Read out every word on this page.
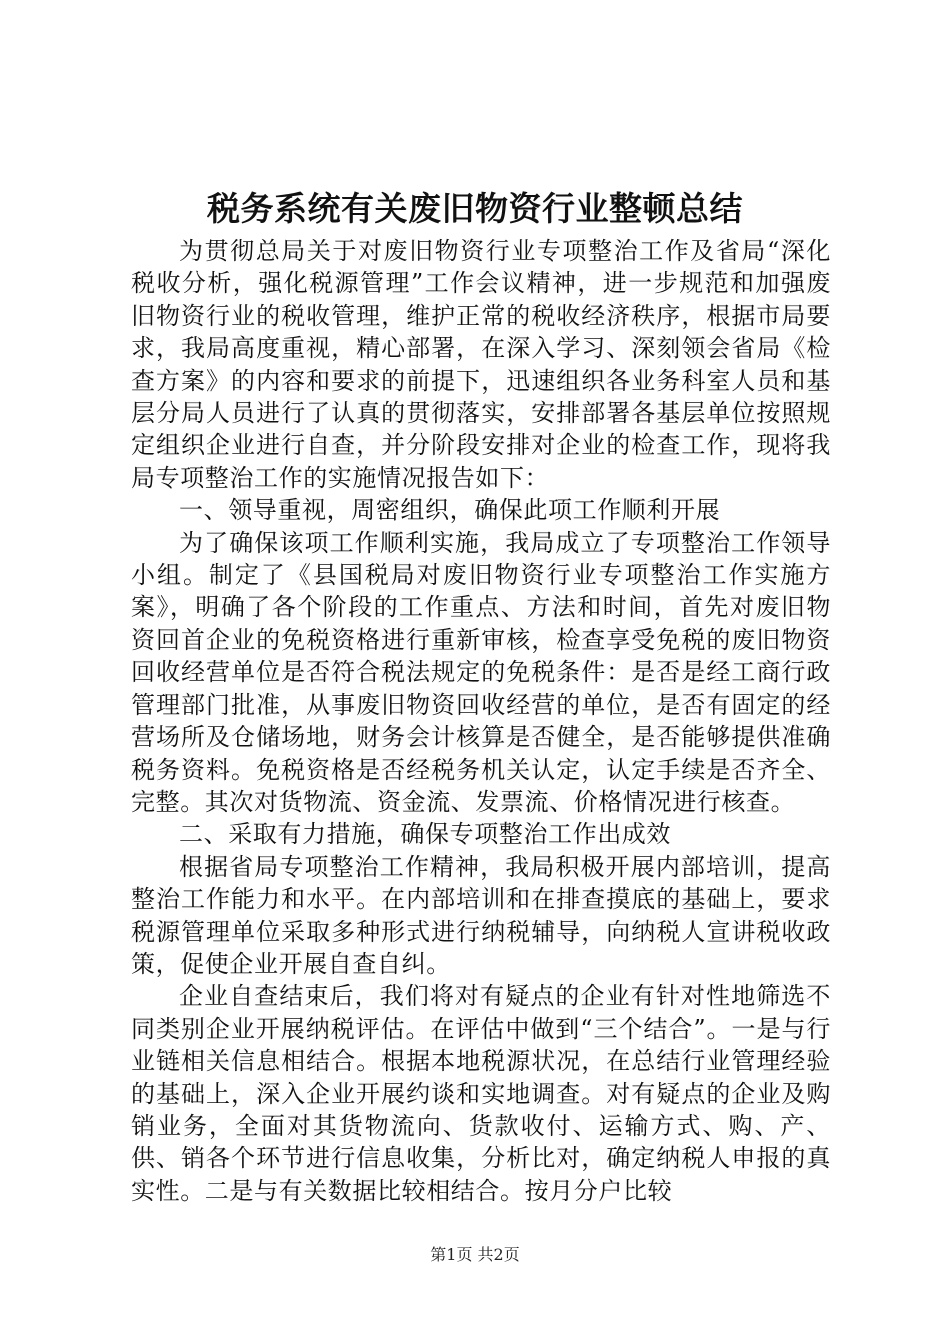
税务系统有关废旧物资行业整顿总结

为贯彻总局关于对废旧物资行业专项整治工作及省局“深化税收分析，强化税源管理”工作会议精神，进一步规范和加强废旧物资行业的税收管理，维护正常的税收经济秩序，根据市局要求，我局高度重视，精心部署，在深入学习、深刻领会省局《检查方案》的内容和要求的前提下，迅速组织各业务科室人员和基层分局人员进行了认真的贯彻落实，安排部署各基层单位按照规定组织企业进行自查，并分阶段安排对企业的检查工作，现将我局专项整治工作的实施情况报告如下：

一、领导重视，周密组织，确保此项工作顺利开展

为了确保该项工作顺利实施，我局成立了专项整治工作领导小组。制定了《县国税局对废旧物资行业专项整治工作实施方案》，明确了各个阶段的工作重点、方法和时间，首先对废旧物资回首企业的免税资格进行重新审核，检查享受免税的废旧物资回收经营单位是否符合税法规定的免税条件：是否是经工商行政管理部门批准，从事废旧物资回收经营的单位，是否有固定的经营场所及仓储场地，财务会计核算是否健全，是否能够提供准确税务资料。免税资格是否经税务机关认定，认定手续是否齐全、完整。其次对货物流、资金流、发票流、价格情况进行核查。

二、采取有力措施，确保专项整治工作出成效

根据省局专项整治工作精神，我局积极开展内部培训，提高整治工作能力和水平。在内部培训和在排查摸底的基础上，要求税源管理单位采取多种形式进行纳税辅导，向纳税人宣讲税收政策，促使企业开展自查自纠。

企业自查结束后，我们将对有疑点的企业有针对性地筛选不同类别企业开展纳税评估。在评估中做到“三个结合”。一是与行业链相关信息相结合。根据本地税源状况，在总结行业管理经验的基础上，深入企业开展约谈和实地调查。对有疑点的企业及购销业务，全面对其货物流向、货款收付、运输方式、购、产、供、销各个环节进行信息收集，分析比对，确定纳税人申报的真实性。二是与有关数据比较相结合。按月分户比较

第1页 共2页
